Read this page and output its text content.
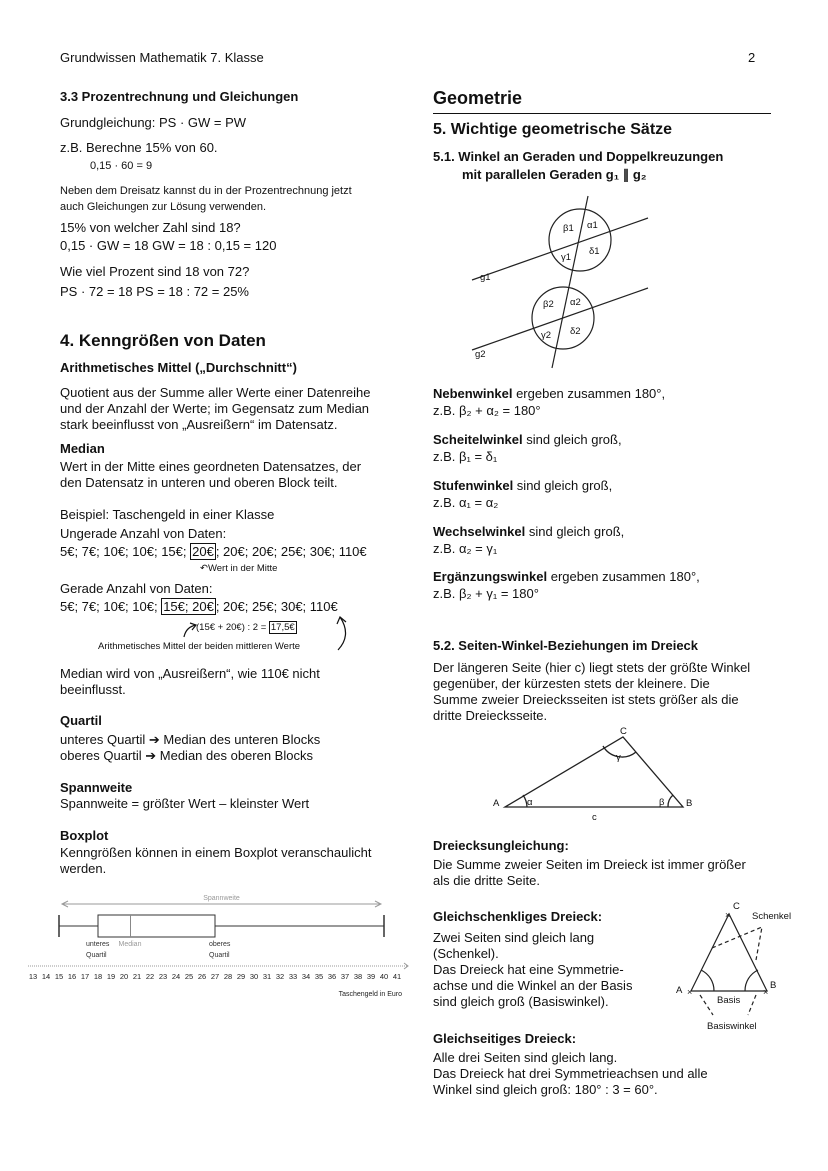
Grundwissen Mathematik 7. Klasse	2
3.3 Prozentrechnung und Gleichungen
Grundgleichung: PS · GW = PW
z.B. Berechne 15% von 60.
0,15 · 60 = 9
Neben dem Dreisatz kannst du in der Prozentrechnung jetzt
auch Gleichungen zur Lösung verwenden.
15% von welcher Zahl sind 18?
0,15 · GW = 18 GW = 18 : 0,15 = 120
Wie viel Prozent sind 18 von 72?
PS · 72 = 18 PS = 18 : 72 = 25%
4. Kenngrößen von Daten
Arithmetisches Mittel („Durchschnitt“)
Quotient aus der Summe aller Werte einer Datenreihe
und der Anzahl der Werte; im Gegensatz zum Median
stark beeinflusst von „Ausreißern“ im Datensatz.
Median
Wert in der Mitte eines geordneten Datensatzes, der
den Datensatz in unteren und oberen Block teilt.
Beispiel: Taschengeld in einer Klasse
Ungerade Anzahl von Daten:
5€; 7€; 10€; 10€; 15€; 20€ ; 20€; 20€; 25€; 30€; 110€
↶Wert in der Mitte
Gerade Anzahl von Daten:
5€; 7€; 10€; 10€; 15€; 20€ ; 20€; 25€; 30€; 110€
(15€ + 20€) : 2 = 17,5€
Arithmetisches Mittel der beiden mittleren Werte
Median wird von „Ausreißern“, wie 110€ nicht
beeinflusst.
Quartil
unteres Quartil ➔ Median des unteren Blocks
oberes Quartil ➔ Median des oberen Blocks
Spannweite
Spannweite = größter Wert – kleinster Wert
Boxplot
Kenngrößen können in einem Boxplot veranschaulicht
werden.
Spannweite
unteres
Quartil
Median	oberes
Quartil
13 14 15 16 17 18 19 20 21 22 23 24 25 26 27 28 29 30 31 32 33 34 35 36 37 38 39 40 41
Taschengeld in Euro
Geometrie
5. Wichtige geometrische Sätze
5.1. Winkel an Geraden und Doppelkreuzungen
mit parallelen Geraden g₁ ∥ g₂
g1
g2
β1 α1
γ1
δ1
β2 α2
γ2 δ2
Nebenwinkel ergeben zusammen 180°,
z.B. β₂ + α₂ = 180°
Scheitelwinkel sind gleich groß,
z.B. β₁ = δ₁
Stufenwinkel sind gleich groß,
z.B. α₁ = α₂
Wechselwinkel sind gleich groß,
z.B. α₂ = γ₁
Ergänzungswinkel ergeben zusammen 180°,
z.B. β₂ + γ₁ = 180°
5.2. Seiten-Winkel-Beziehungen im Dreieck
Der längeren Seite (hier c) liegt stets der größte Winkel
gegenüber, der kürzesten stets der kleinere. Die
Summe zweier Dreiecksseiten ist stets größer als die
dritte Dreiecksseite.
A	B
C
c
α	β
γ
Dreiecksungleichung:
Die Summe zweier Seiten im Dreieck ist immer größer
als die dritte Seite.
Gleichschenkliges Dreieck:
Zwei Seiten sind gleich lang
(Schenkel).
Das Dreieck hat eine Symmetrie-
achse und die Winkel an der Basis
sind gleich groß (Basiswinkel).
×	×
×
A	B
C
Schenkel
Basis
Basiswinkel
Gleichseitiges Dreieck:
Alle drei Seiten sind gleich lang.
Das Dreieck hat drei Symmetrieachsen und alle
Winkel sind gleich groß: 180° : 3 = 60°.
